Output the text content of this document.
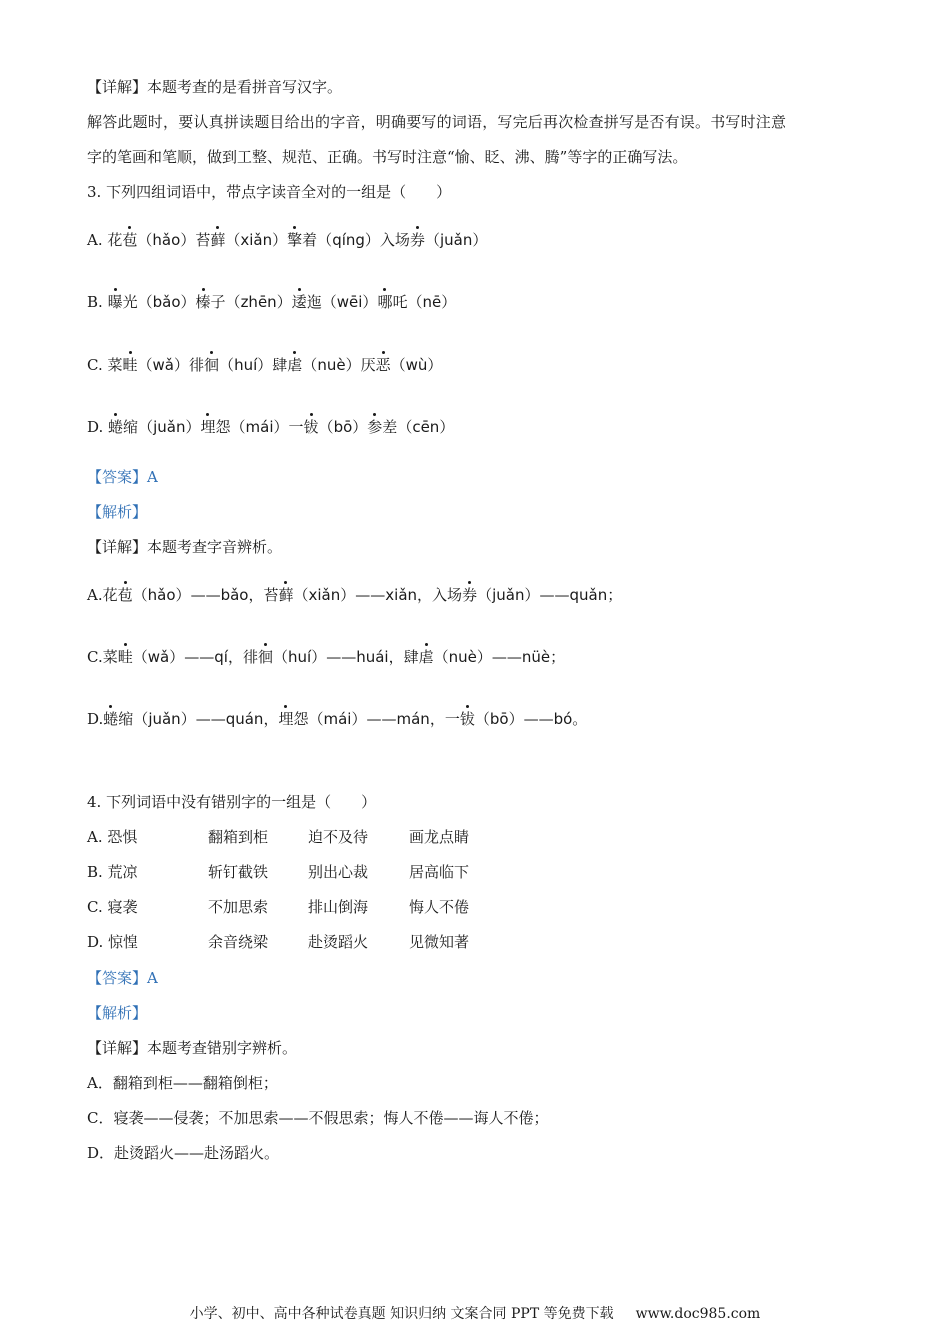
【详解】本题考查的是看拼音写汉字。
解答此题时，要认真拼读题目给出的字音，明确要写的词语，写完后再次检查拼写是否有误。书写时注意
字的笔画和笔顺，做到工整、规范、正确。书写时注意“愉、眨、沸、腾”等字的正确写法。
3. 下列四组词语中，带点字读音全对的一组是（　　）
A. 花苞（hǎo）苔藓（xiǎn）擎着（qíng）入场券（juǎn）
B. 曝光（bǎo）榛子（zhēn）逶迤（wēi）哪吒（nē）
C. 菜畦（wǎ）徘徊（huí）肆虐（nuè）厌恶（wù）
D. 蜷缩（juǎn）埋怨（mái）一钹（bō）参差（cēn）
【答案】A
【解析】
【详解】本题考查字音辨析。
A.花苞（hǎo）——bǎo，苔藓（xiǎn）——xiǎn，入场券（juǎn）——quǎn；
C.菜畦（wǎ）——qí，徘徊（huí）——huái，肆虐（nuè）——nüè；
D.蜷缩（juǎn）——quán，埋怨（mái）——mán，一钹（bō）——bó。
4. 下列词语中没有错别字的一组是（　　）
A. 恐惧	翻箱到柜	迫不及待	画龙点睛
B. 荒凉	斩钉截铁	别出心裁	居高临下
C. 寝袭	不加思索	排山倒海	悔人不倦
D. 惊惶	余音绕梁	赴烫蹈火	见微知著
【答案】A
【解析】
【详解】本题考查错别字辨析。
A．翻箱到柜——翻箱倒柜；
C．寝袭——侵袭；不加思索——不假思索；悔人不倦——诲人不倦；
D．赴烫蹈火——赴汤蹈火。
小学、初中、高中各种试卷真题 知识归纳 文案合同 PPT 等免费下载 www.doc985.com
